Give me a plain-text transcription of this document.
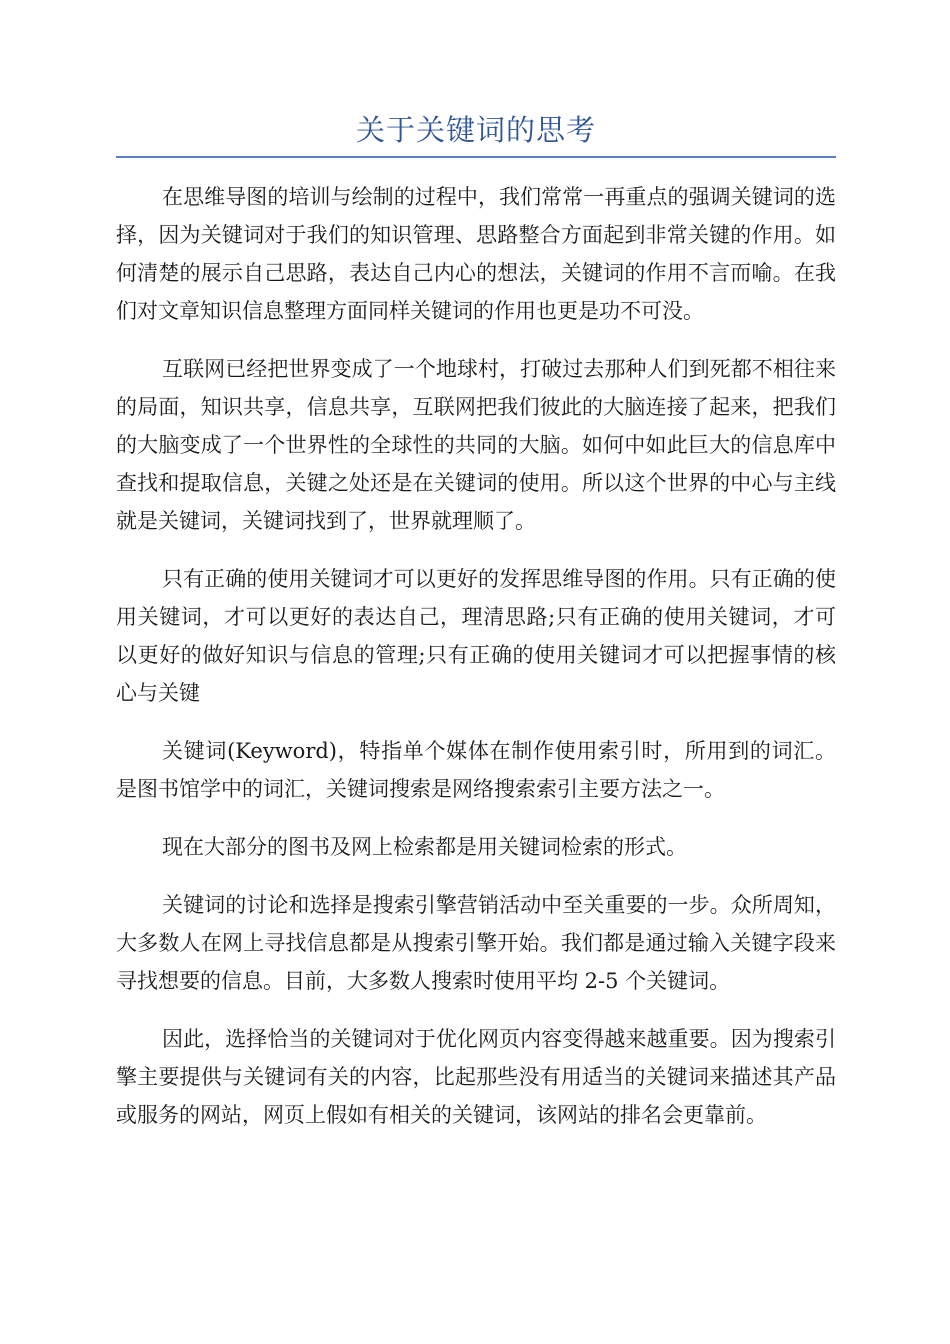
关于关键词的思考

在思维导图的培训与绘制的过程中，我们常常一再重点的强调关键词的选择，因为关键词对于我们的知识管理、思路整合方面起到非常关键的作用。如何清楚的展示自己思路，表达自己内心的想法，关键词的作用不言而喻。在我们对文章知识信息整理方面同样关键词的作用也更是功不可没。

互联网已经把世界变成了一个地球村，打破过去那种人们到死都不相往来的局面，知识共享，信息共享，互联网把我们彼此的大脑连接了起来，把我们的大脑变成了一个世界性的全球性的共同的大脑。如何中如此巨大的信息库中查找和提取信息，关键之处还是在关键词的使用。所以这个世界的中心与主线就是关键词，关键词找到了，世界就理顺了。

只有正确的使用关键词才可以更好的发挥思维导图的作用。只有正确的使用关键词，才可以更好的表达自己，理清思路;只有正确的使用关键词，才可以更好的做好知识与信息的管理;只有正确的使用关键词才可以把握事情的核心与关键

关键词(Keyword)，特指单个媒体在制作使用索引时，所用到的词汇。是图书馆学中的词汇，关键词搜索是网络搜索索引主要方法之一。

现在大部分的图书及网上检索都是用关键词检索的形式。

关键词的讨论和选择是搜索引擎营销活动中至关重要的一步。众所周知，大多数人在网上寻找信息都是从搜索引擎开始。我们都是通过输入关键字段来寻找想要的信息。目前，大多数人搜索时使用平均 2-5 个关键词。

因此，选择恰当的关键词对于优化网页内容变得越来越重要。因为搜索引擎主要提供与关键词有关的内容，比起那些没有用适当的关键词来描述其产品或服务的网站，网页上假如有相关的关键词，该网站的排名会更靠前。
